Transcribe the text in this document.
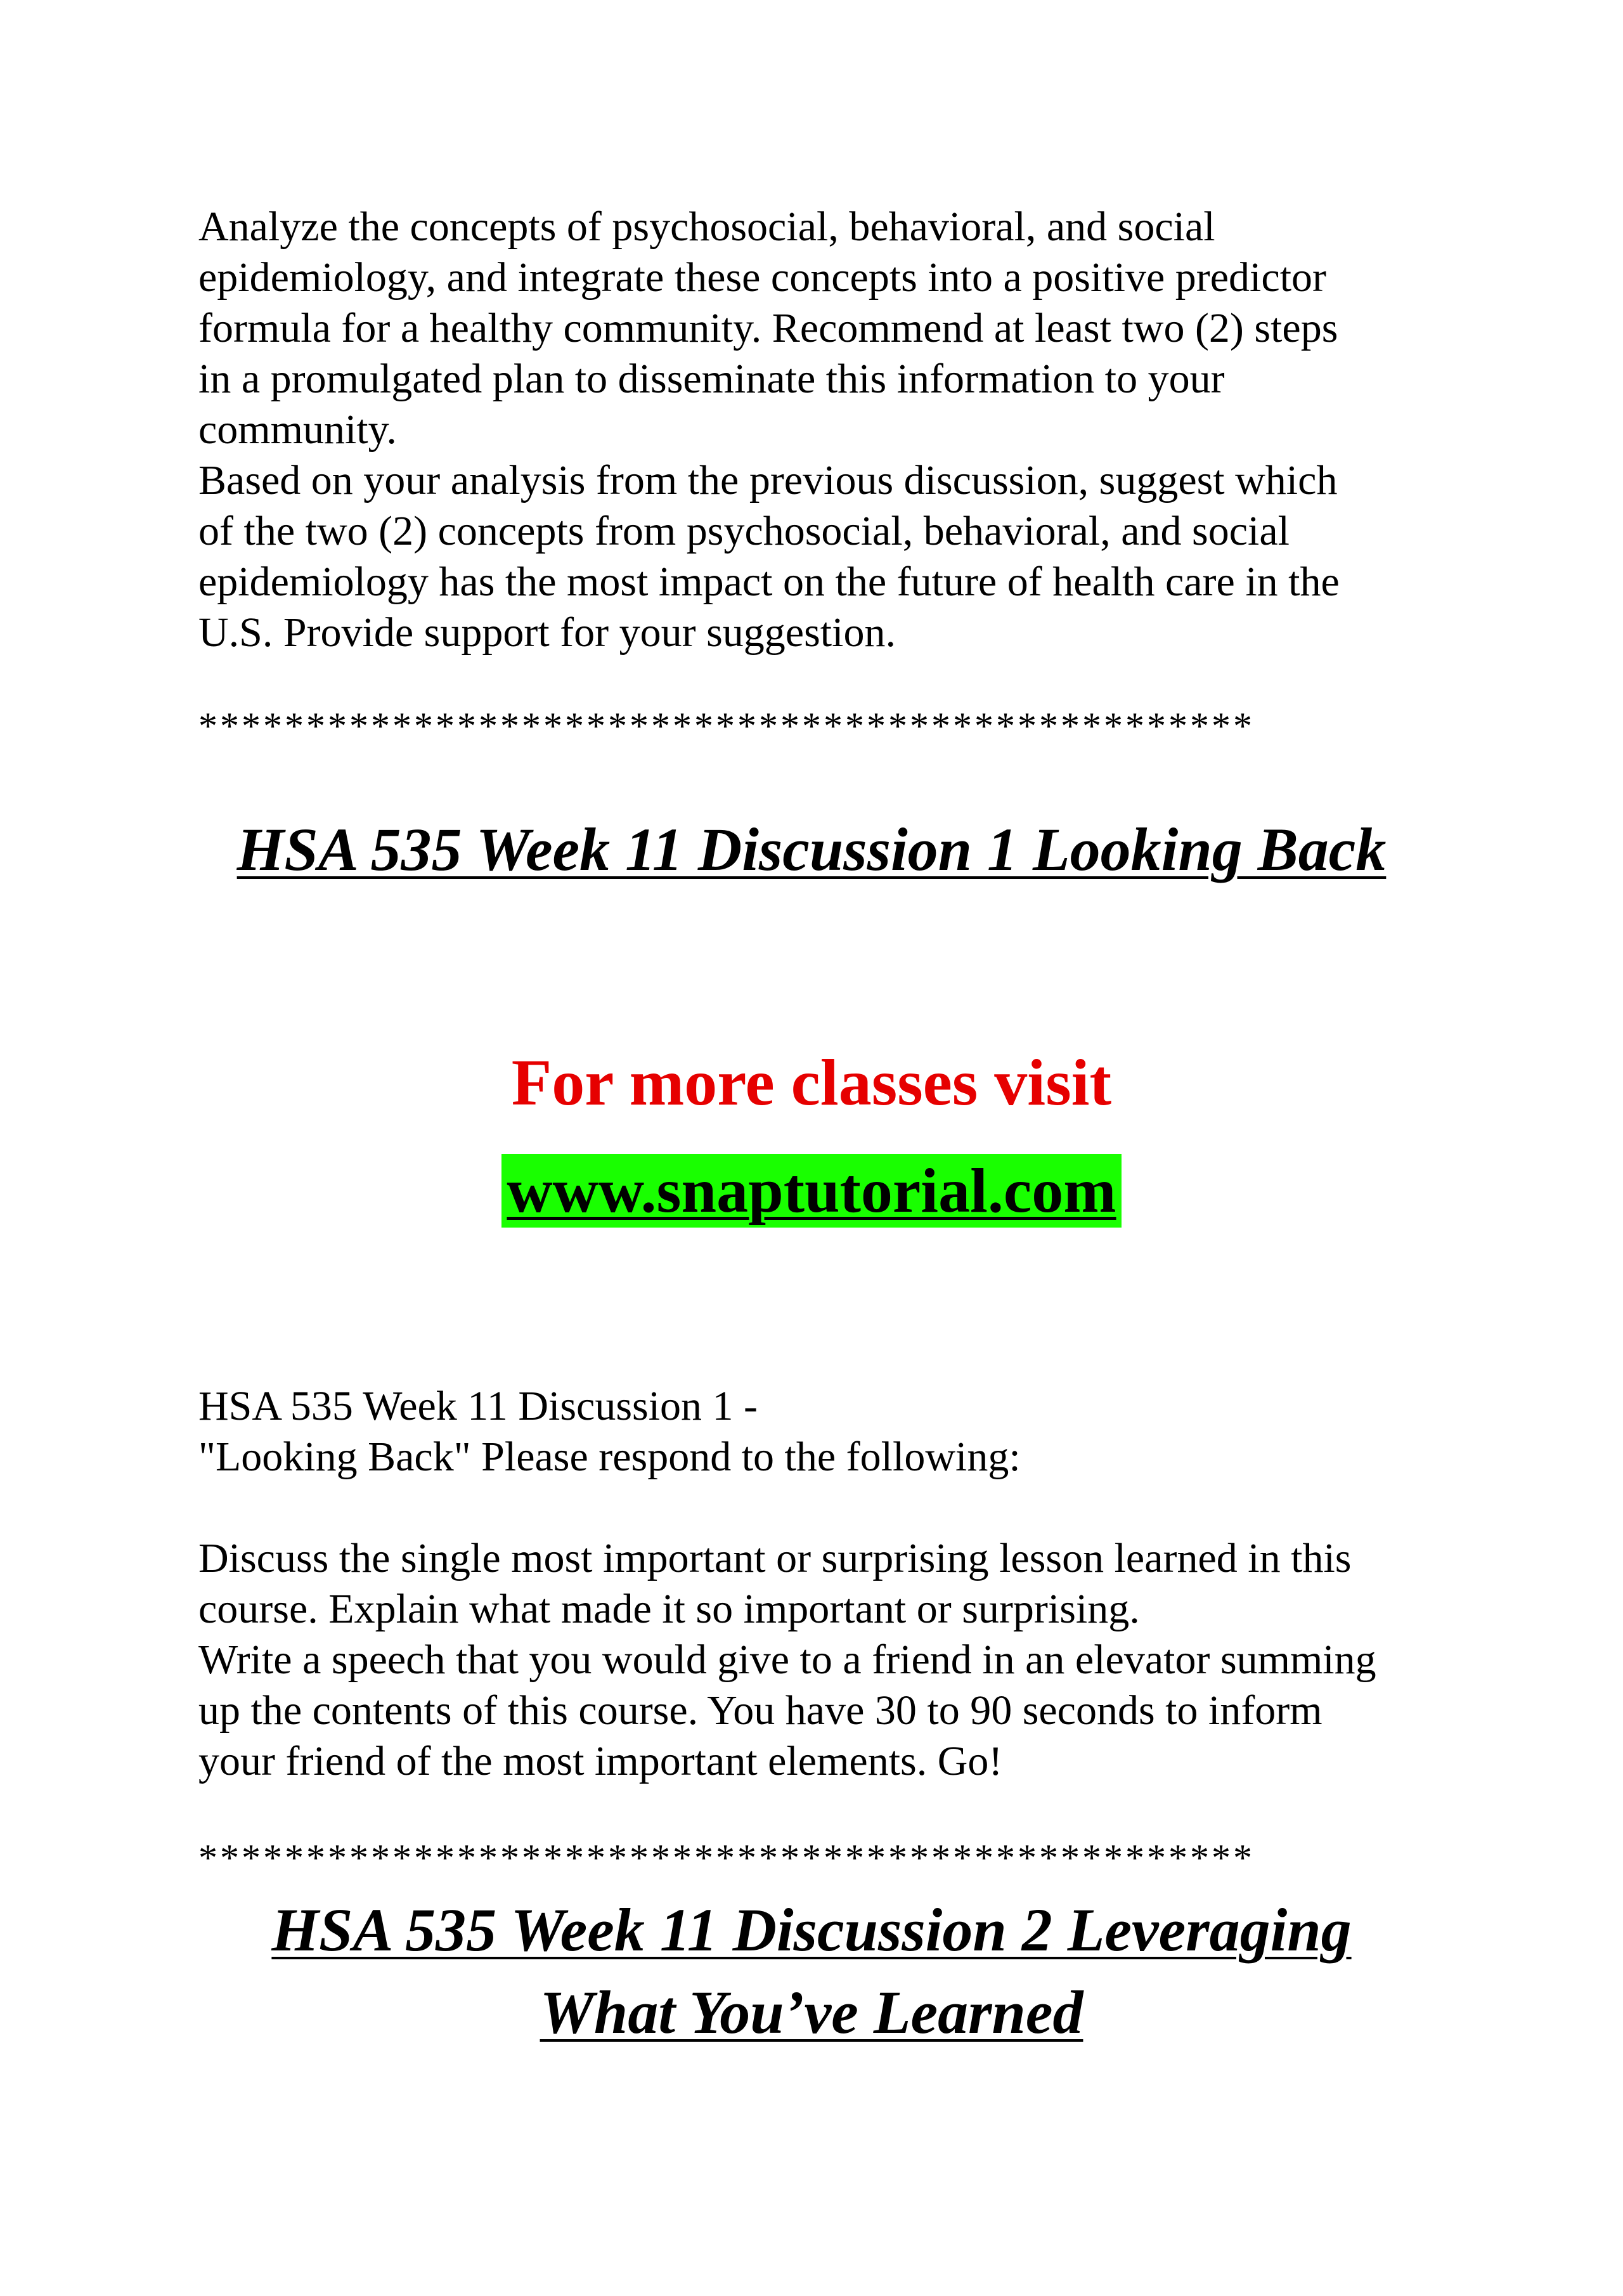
Analyze the concepts of psychosocial, behavioral, and social
epidemiology, and integrate these concepts into a positive predictor
formula for a healthy community. Recommend at least two (2) steps
in a promulgated plan to disseminate this information to your
community.

Based on your analysis from the previous discussion, suggest which
of the two (2) concepts from psychosocial, behavioral, and social
epidemiology has the most impact on the future of health care in the
U.S. Provide support for your suggestion.

*************************************************

HSA 535 Week 11 Discussion 1 Looking Back

For more classes visit

www.snaptutorial.com

HSA 535 Week 11 Discussion 1 -
"Looking Back" Please respond to the following:

Discuss the single most important or surprising lesson learned in this
course. Explain what made it so important or surprising.

Write a speech that you would give to a friend in an elevator summing
up the contents of this course. You have 30 to 90 seconds to inform
your friend of the most important elements. Go!

*************************************************

HSA 535 Week 11 Discussion 2 Leveraging
What You’ve Learned
